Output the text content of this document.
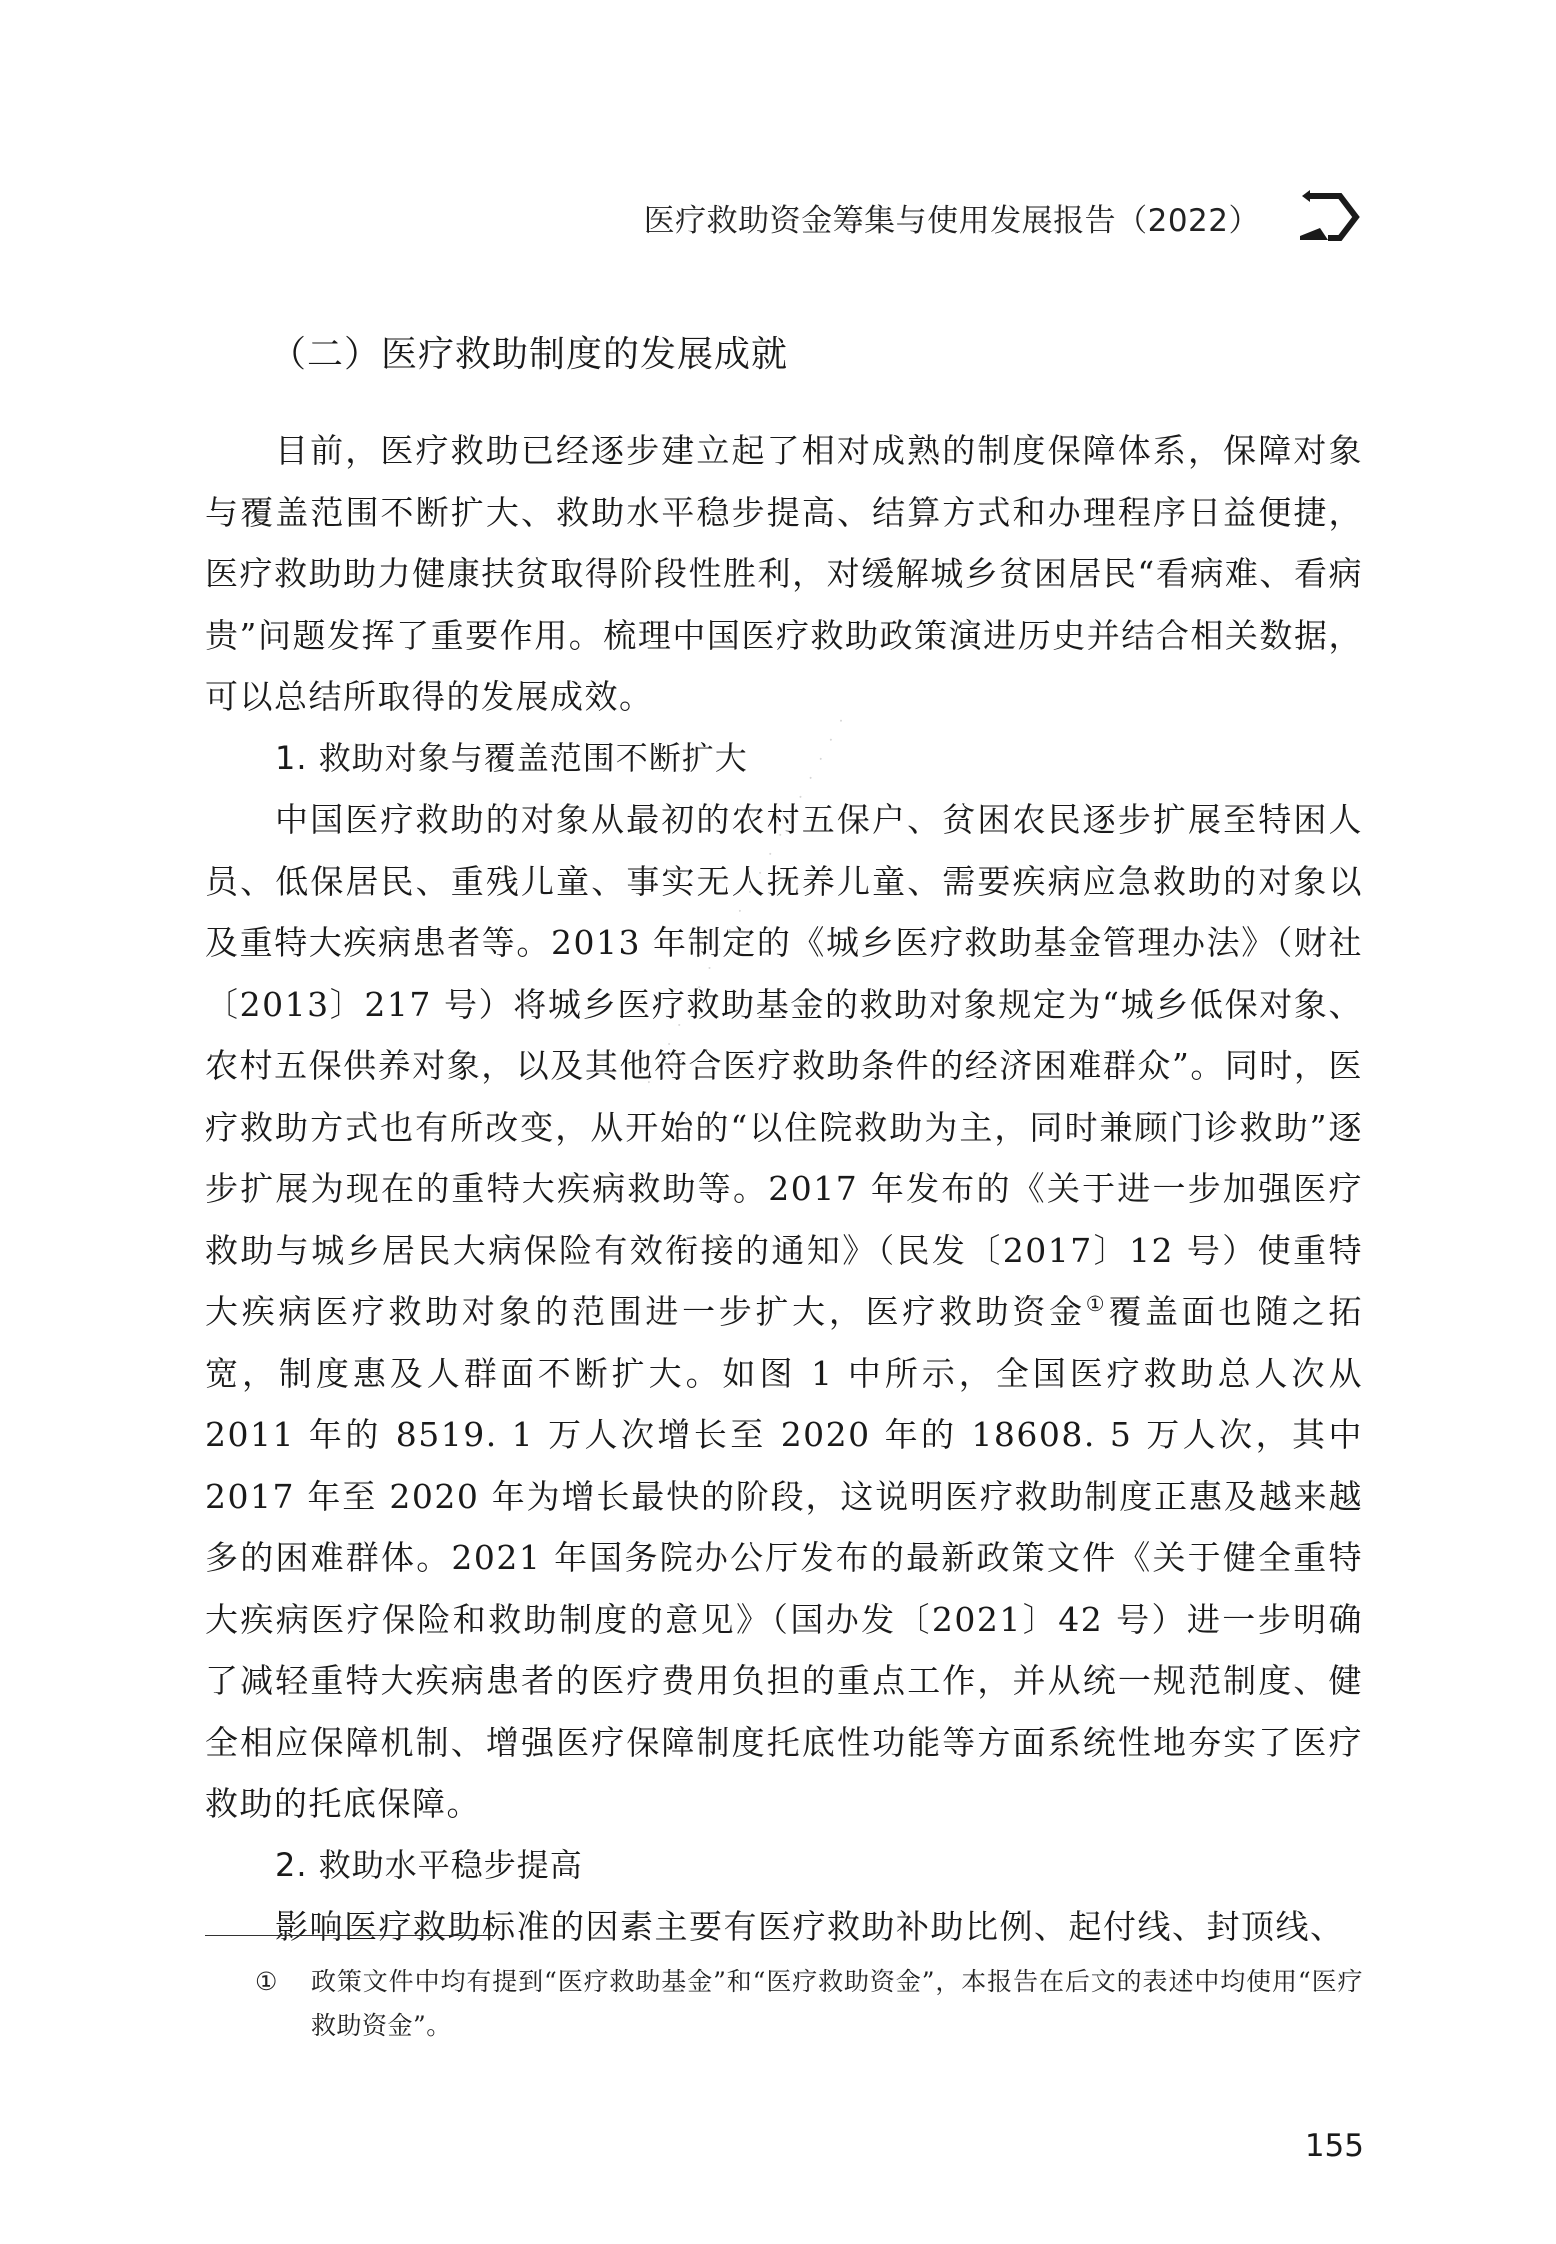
医疗救助资金筹集与使用发展报告（2022）
（二）医疗救助制度的发展成就
· · · · · · · · · · · · · · · · · · · ·

目前，医疗救助已经逐步建立起了相对成熟的制度保障体系，保障对象与覆盖范围不断扩大、救助水平稳步提高、结算方式和办理程序日益便捷，医疗救助助力健康扶贫取得阶段性胜利，对缓解城乡贫困居民“看病难、看病贵”问题发挥了重要作用。梳理中国医疗救助政策演进历史并结合相关数据，可以总结所取得的发展成效。

1. 救助对象与覆盖范围不断扩大

中国医疗救助的对象从最初的农村五保户、贫困农民逐步扩展至特困人员、低保居民、重残儿童、事实无人抚养儿童、需要疾病应急救助的对象以及重特大疾病患者等。2013 年制定的《城乡医疗救助基金管理办法》（财社〔2013〕217 号）将城乡医疗救助基金的救助对象规定为“城乡低保对象、农村五保供养对象，以及其他符合医疗救助条件的经济困难群众”。同时，医疗救助方式也有所改变，从开始的“以住院救助为主，同时兼顾门诊救助”逐步扩展为现在的重特大疾病救助等。2017 年发布的《关于进一步加强医疗救助与城乡居民大病保险有效衔接的通知》（民发〔2017〕12 号）使重特大疾病医疗救助对象的范围进一步扩大，医疗救助资金①覆盖面也随之拓宽，制度惠及人群面不断扩大。如图 1 中所示，全国医疗救助总人次从 2011 年的 8519. 1 万人次增长至 2020 年的 18608. 5 万人次，其中 2017 年至 2020 年为增长最快的阶段，这说明医疗救助制度正惠及越来越多的困难群体。2021 年国务院办公厅发布的最新政策文件《关于健全重特大疾病医疗保险和救助制度的意见》（国办发〔2021〕42 号）进一步明确了减轻重特大疾病患者的医疗费用负担的重点工作，并从统一规范制度、健全相应保障机制、增强医疗保障制度托底性功能等方面系统性地夯实了医疗救助的托底保障。

2. 救助水平稳步提高

影响医疗救助标准的因素主要有医疗救助补助比例、起付线、封顶线、

①	政策文件中均有提到“医疗救助基金”和“医疗救助资金”，本报告在后文的表述中均使用“医疗救助资金”。
155
